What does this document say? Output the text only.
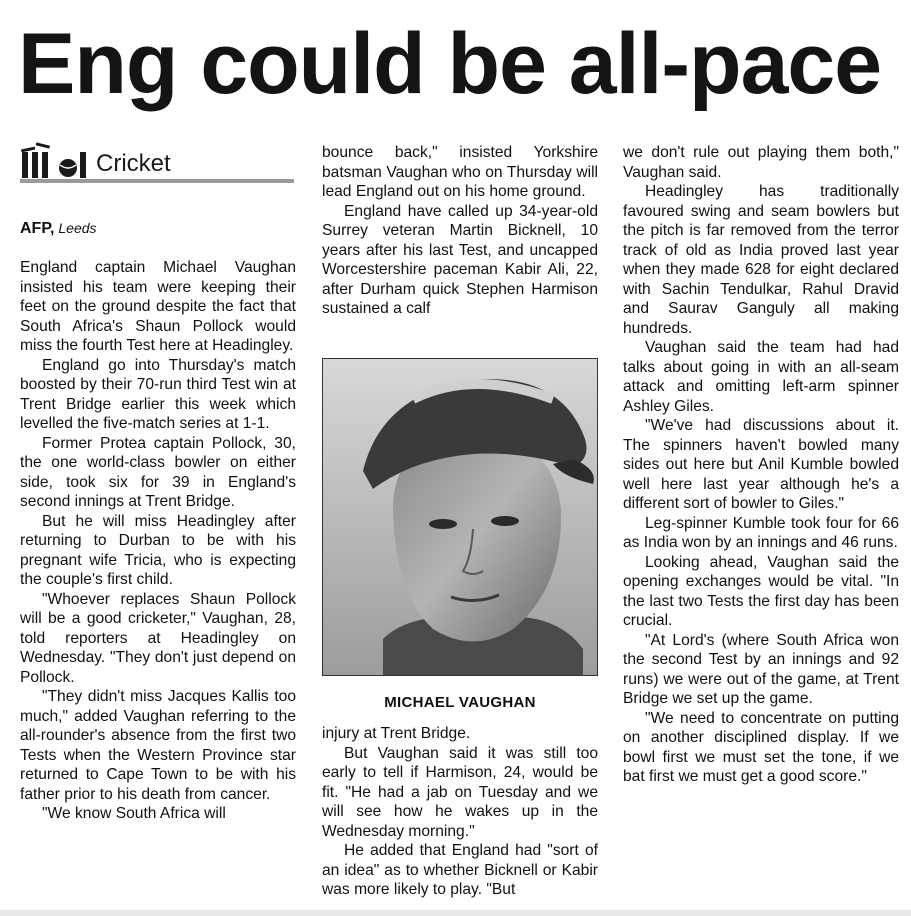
Eng could be all-pace
Cricket
AFP, Leeds

England captain Michael Vaughan insisted his team were keeping their feet on the ground despite the fact that South Africa's Shaun Pollock would miss the fourth Test here at Headingley.

England go into Thursday's match boosted by their 70-run third Test win at Trent Bridge earlier this week which levelled the five-match series at 1-1.

Former Protea captain Pollock, 30, the one world-class bowler on either side, took six for 39 in England's second innings at Trent Bridge.

But he will miss Headingley after returning to Durban to be with his pregnant wife Tricia, who is expecting the couple's first child.

"Whoever replaces Shaun Pollock will be a good cricketer," Vaughan, 28, told reporters at Headingley on Wednesday. "They don't just depend on Pollock.

"They didn't miss Jacques Kallis too much," added Vaughan referring to the all-rounder's absence from the first two Tests when the Western Province star returned to Cape Town to be with his father prior to his death from cancer.

"We know South Africa will

bounce back," insisted Yorkshire batsman Vaughan who on Thursday will lead England out on his home ground.

England have called up 34-year-old Surrey veteran Martin Bicknell, 10 years after his last Test, and uncapped Worcestershire paceman Kabir Ali, 22, after Durham quick Stephen Harmison sustained a calf

MICHAEL VAUGHAN

injury at Trent Bridge.

But Vaughan said it was still too early to tell if Harmison, 24, would be fit. "He had a jab on Tuesday and we will see how he wakes up in the Wednesday morning."

He added that England had "sort of an idea" as to whether Bicknell or Kabir was more likely to play. "But

we don't rule out playing them both," Vaughan said.

Headingley has traditionally favoured swing and seam bowlers but the pitch is far removed from the terror track of old as India proved last year when they made 628 for eight declared with Sachin Tendulkar, Rahul Dravid and Saurav Ganguly all making hundreds.

Vaughan said the team had had talks about going in with an all-seam attack and omitting left-arm spinner Ashley Giles.

"We've had discussions about it. The spinners haven't bowled many sides out here but Anil Kumble bowled well here last year although he's a different sort of bowler to Giles."

Leg-spinner Kumble took four for 66 as India won by an innings and 46 runs.

Looking ahead, Vaughan said the opening exchanges would be vital. "In the last two Tests the first day has been crucial.

"At Lord's (where South Africa won the second Test by an innings and 92 runs) we were out of the game, at Trent Bridge we set up the game.

"We need to concentrate on putting on another disciplined display. If we bowl first we must set the tone, if we bat first we must get a good score."
